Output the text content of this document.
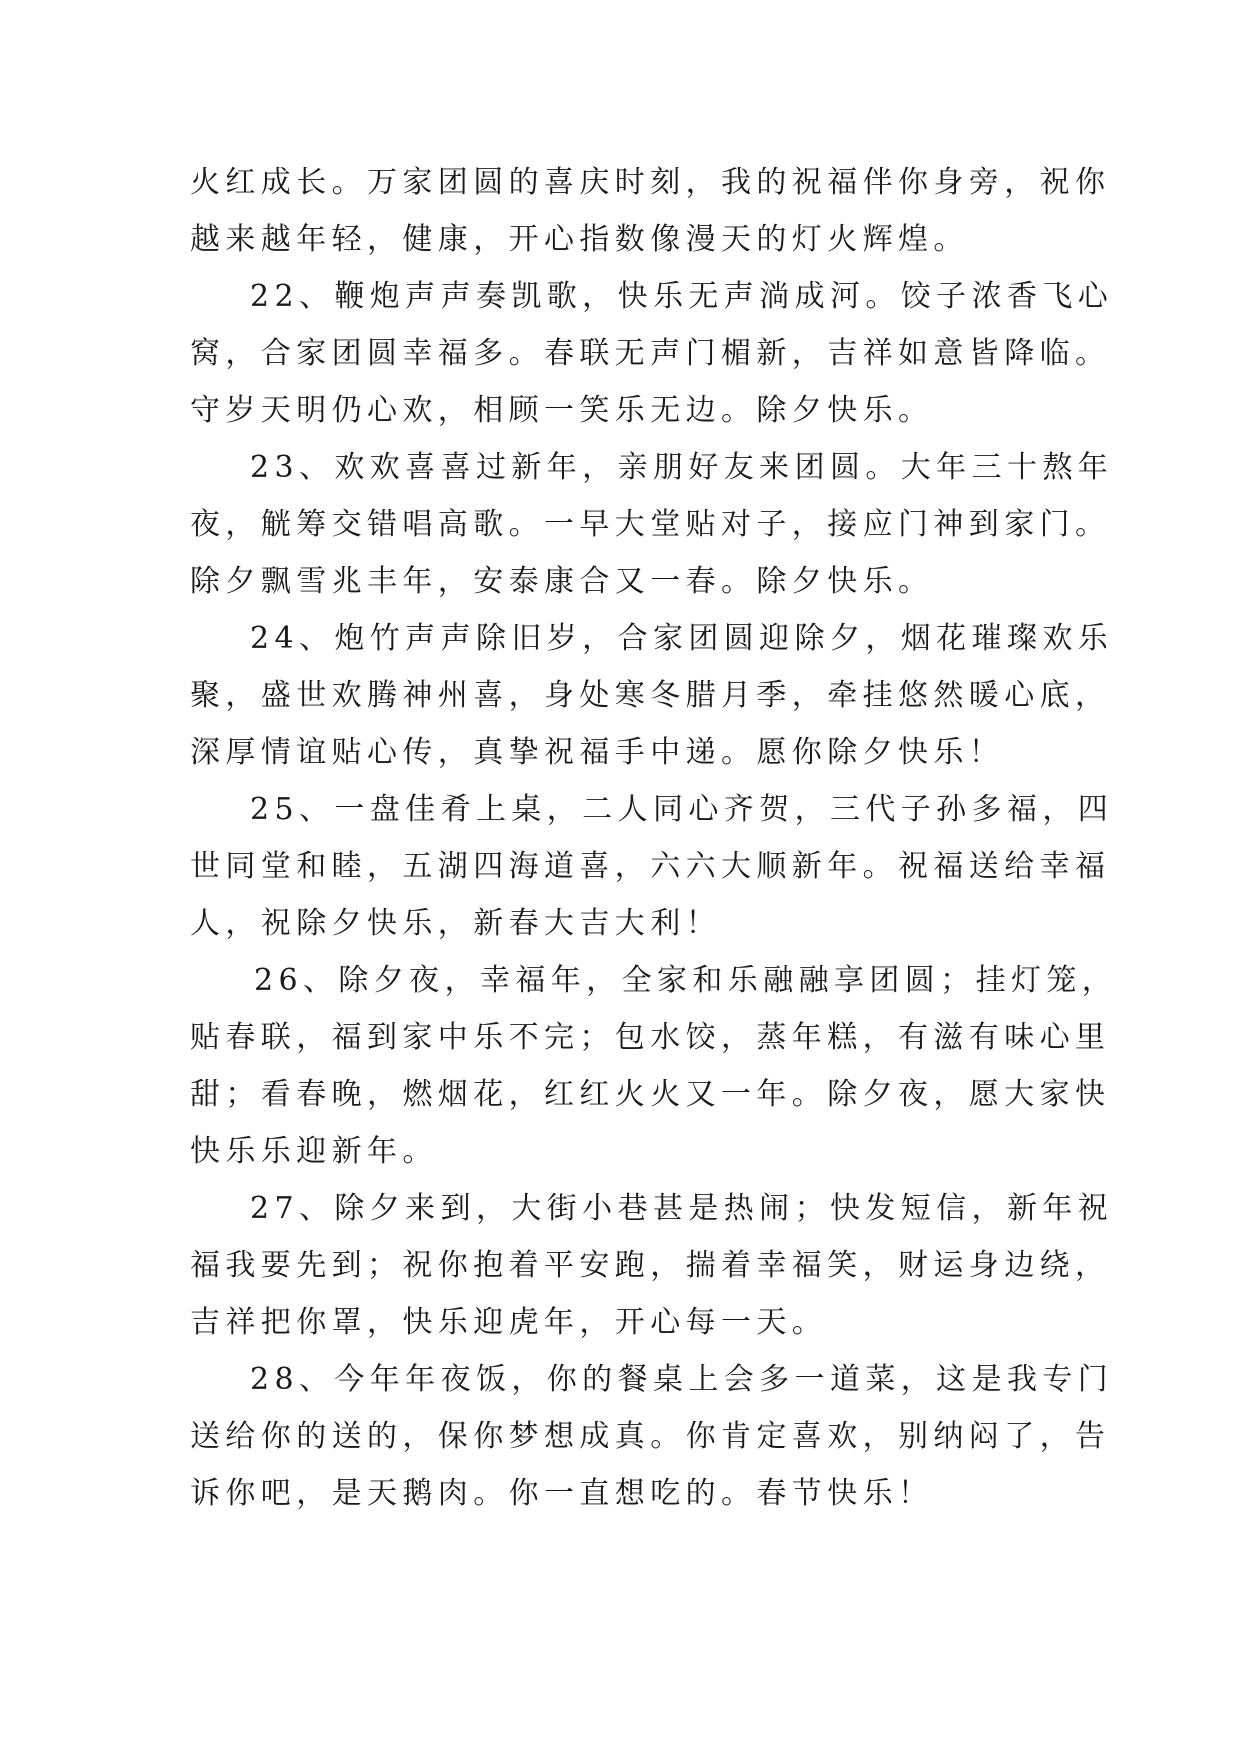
火红成长。万家团圆的喜庆时刻，我的祝福伴你身旁，祝你
越来越年轻，健康，开心指数像漫天的灯火辉煌。
22、鞭炮声声奏凯歌，快乐无声淌成河。饺子浓香飞心
窝，合家团圆幸福多。春联无声门楣新，吉祥如意皆降临。
守岁天明仍心欢，相顾一笑乐无边。除夕快乐。
23、欢欢喜喜过新年，亲朋好友来团圆。大年三十熬年
夜，觥筹交错唱高歌。一早大堂贴对子，接应门神到家门。
除夕飘雪兆丰年，安泰康合又一春。除夕快乐。
24、炮竹声声除旧岁，合家团圆迎除夕，烟花璀璨欢乐
聚，盛世欢腾神州喜，身处寒冬腊月季，牵挂悠然暖心底，
深厚情谊贴心传，真挚祝福手中递。愿你除夕快乐！
25、一盘佳肴上桌，二人同心齐贺，三代子孙多福，四
世同堂和睦，五湖四海道喜，六六大顺新年。祝福送给幸福
人，祝除夕快乐，新春大吉大利！
26、除夕夜，幸福年，全家和乐融融享团圆；挂灯笼，
贴春联，福到家中乐不完；包水饺，蒸年糕，有滋有味心里
甜；看春晚，燃烟花，红红火火又一年。除夕夜，愿大家快
快乐乐迎新年。
27、除夕来到，大街小巷甚是热闹；快发短信，新年祝
福我要先到；祝你抱着平安跑，揣着幸福笑，财运身边绕，
吉祥把你罩，快乐迎虎年，开心每一天。
28、今年年夜饭，你的餐桌上会多一道菜，这是我专门
送给你的送的，保你梦想成真。你肯定喜欢，别纳闷了，告
诉你吧，是天鹅肉。你一直想吃的。春节快乐！
